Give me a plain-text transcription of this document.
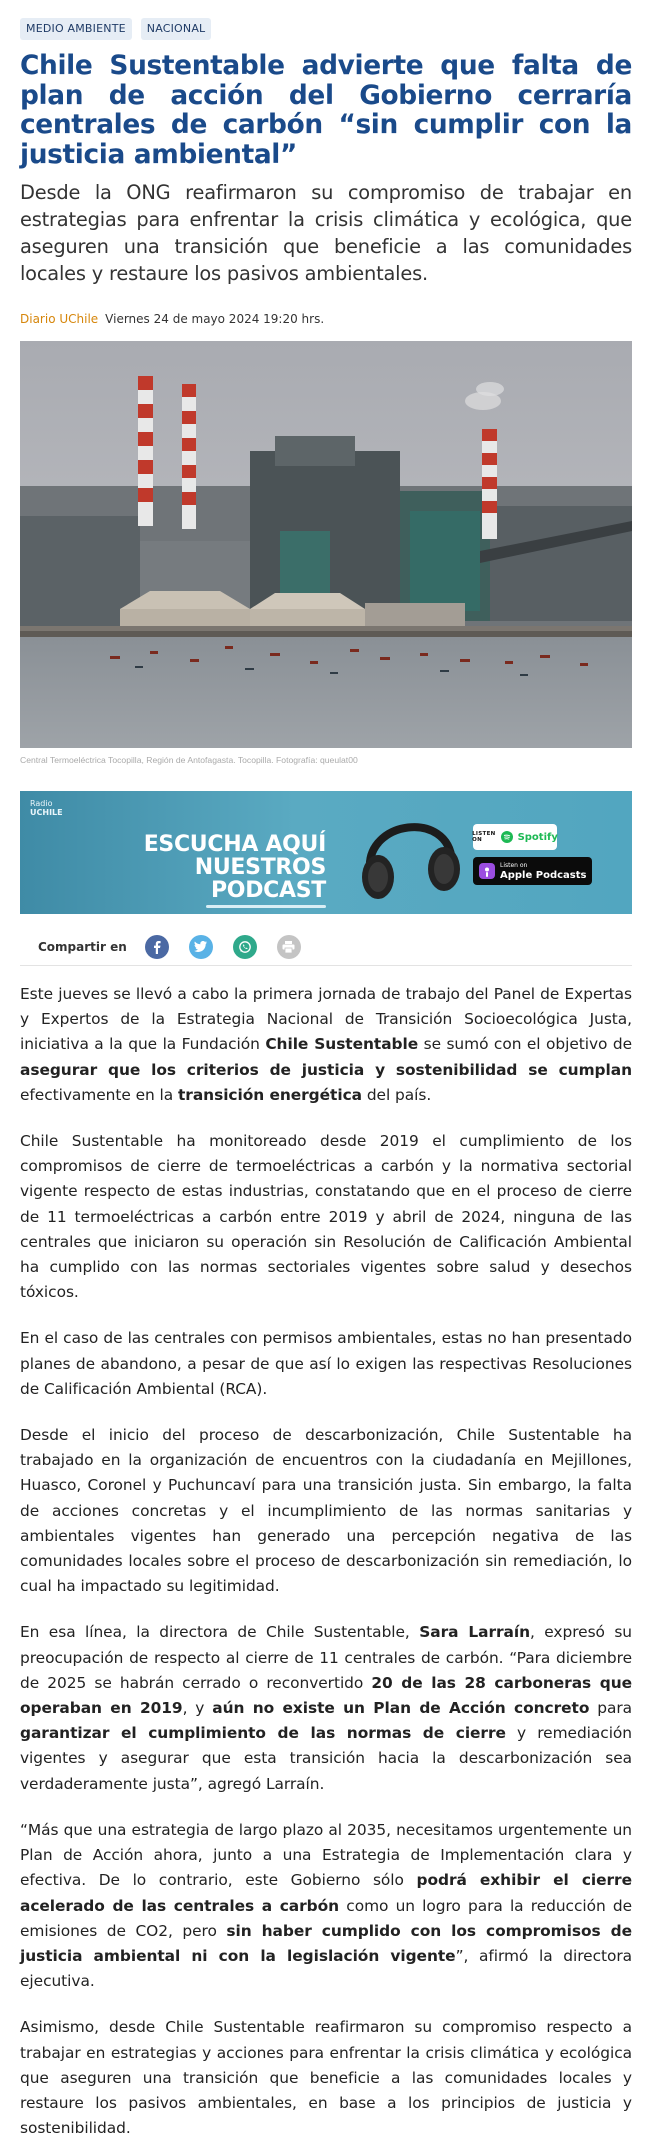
MEDIO AMBIENTE	NACIONAL
Chile Sustentable advierte que falta de plan de acción del Gobierno cerraría centrales de carbón “sin cumplir con la justicia ambiental”

Desde la ONG reafirmaron su compromiso de trabajar en estrategias para enfrentar la crisis climática y ecológica, que aseguren una transición que beneficie a las comunidades locales y restaure los pasivos ambientales.

Diario UChile Viernes 24 de mayo 2024 19:20 hrs.
Central Termoeléctrica Tocopilla, Región de Antofagasta. Tocopilla. Fotografía: queulat00
Radio
UCHILE
ESCUCHA AQUÍ
NUESTROS PODCAST
LISTEN ON	Spotify
Listen on
Apple Podcasts
Compartir en

Este jueves se llevó a cabo la primera jornada de trabajo del Panel de Expertas y Expertos de la Estrategia Nacional de Transición Socioecológica Justa, iniciativa a la que la Fundación Chile Sustentable se sumó con el objetivo de asegurar que los criterios de justicia y sostenibilidad se cumplan efectivamente en la transición energética del país.

Chile Sustentable ha monitoreado desde 2019 el cumplimiento de los compromisos de cierre de termoeléctricas a carbón y la normativa sectorial vigente respecto de estas industrias, constatando que en el proceso de cierre de 11 termoeléctricas a carbón entre 2019 y abril de 2024, ninguna de las centrales que iniciaron su operación sin Resolución de Calificación Ambiental ha cumplido con las normas sectoriales vigentes sobre salud y desechos tóxicos.

En el caso de las centrales con permisos ambientales, estas no han presentado planes de abandono, a pesar de que así lo exigen las respectivas Resoluciones de Calificación Ambiental (RCA).

Desde el inicio del proceso de descarbonización, Chile Sustentable ha trabajado en la organización de encuentros con la ciudadanía en Mejillones, Huasco, Coronel y Puchuncaví para una transición justa. Sin embargo, la falta de acciones concretas y el incumplimiento de las normas sanitarias y ambientales vigentes han generado una percepción negativa de las comunidades locales sobre el proceso de descarbonización sin remediación, lo cual ha impactado su legitimidad.

En esa línea, la directora de Chile Sustentable, Sara Larraín, expresó su preocupación de respecto al cierre de 11 centrales de carbón. “Para diciembre de 2025 se habrán cerrado o reconvertido 20 de las 28 carboneras que operaban en 2019, y aún no existe un Plan de Acción concreto para garantizar el cumplimiento de las normas de cierre y remediación vigentes y asegurar que esta transición hacia la descarbonización sea verdaderamente justa”, agregó Larraín.

“Más que una estrategia de largo plazo al 2035, necesitamos urgentemente un Plan de Acción ahora, junto a una Estrategia de Implementación clara y efectiva. De lo contrario, este Gobierno sólo podrá exhibir el cierre acelerado de las centrales a carbón como un logro para la reducción de emisiones de CO2, pero sin haber cumplido con los compromisos de justicia ambiental ni con la legislación vigente”, afirmó la directora ejecutiva.

Asimismo, desde Chile Sustentable reafirmaron su compromiso respecto a trabajar en estrategias y acciones para enfrentar la crisis climática y ecológica que aseguren una transición que beneficie a las comunidades locales y restaure los pasivos ambientales, en base a los principios de justicia y sostenibilidad.
